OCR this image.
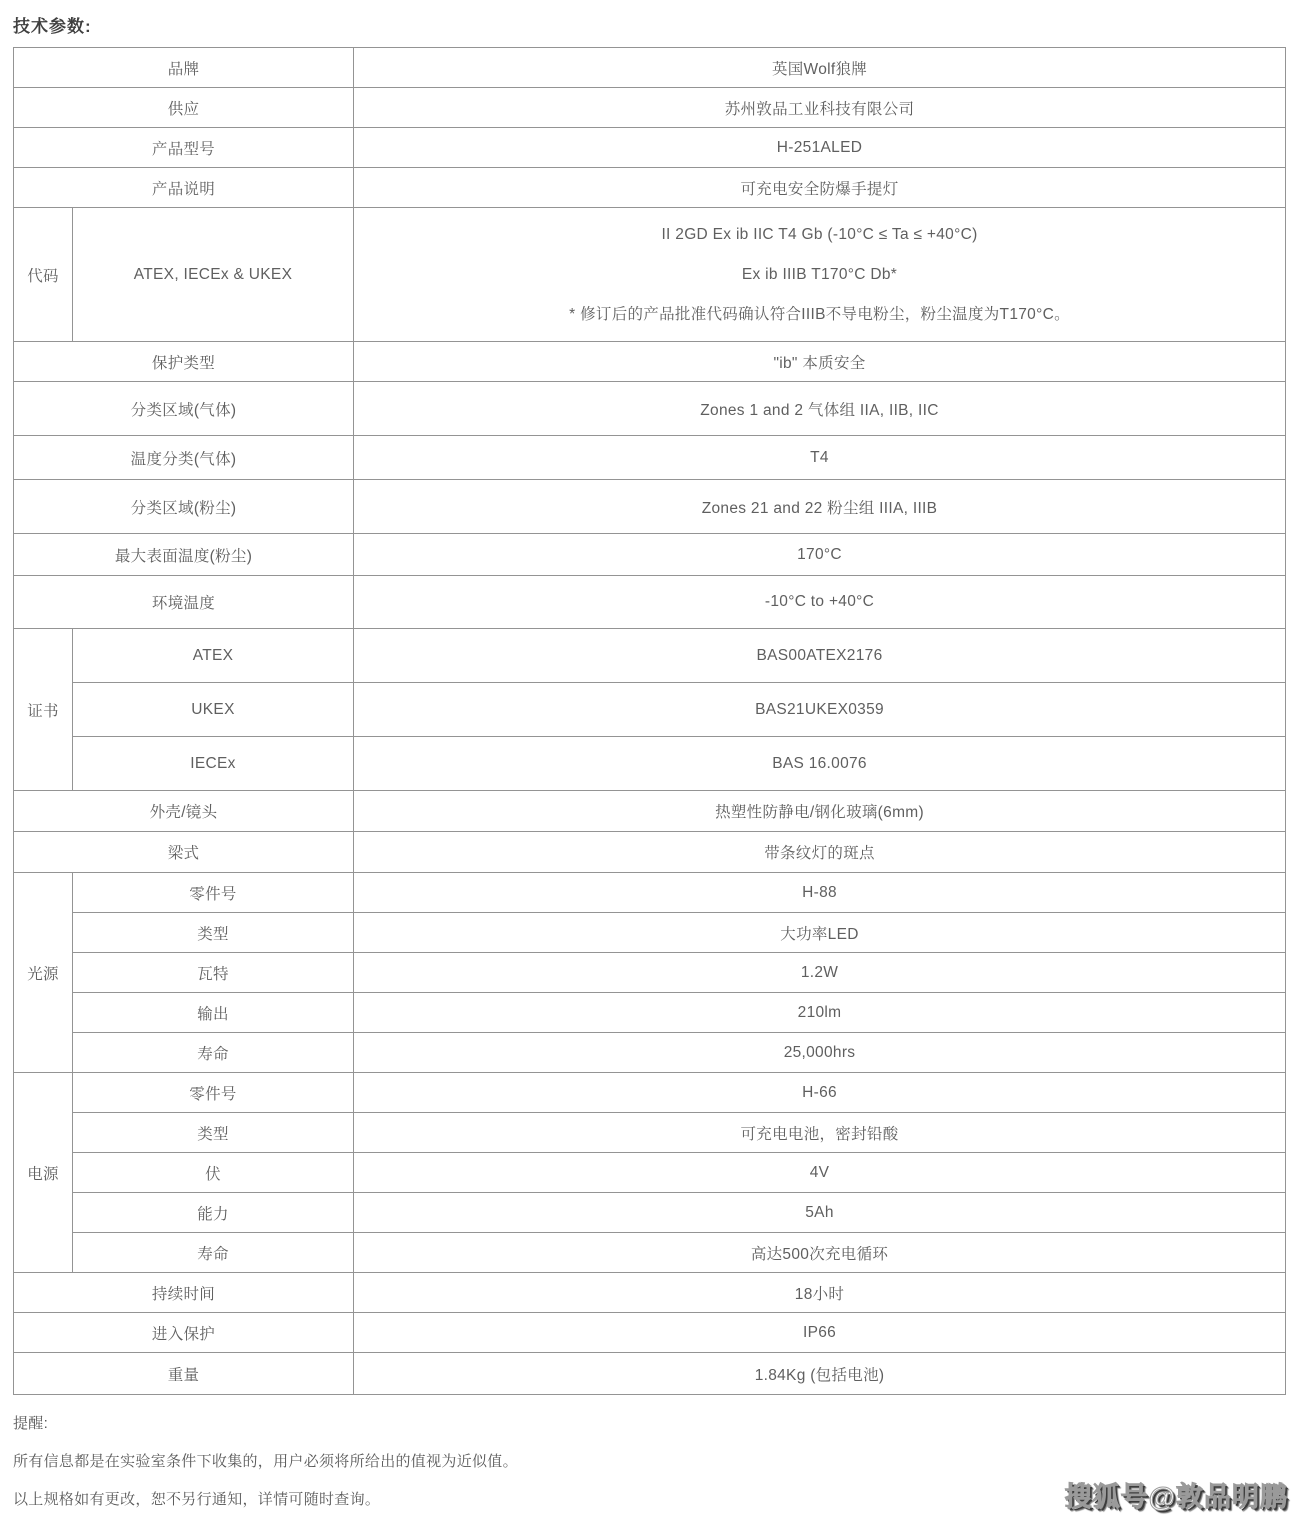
技术参数:
品牌		英国Wolf狼牌
供应		苏州敦品工业科技有限公司
产品型号		H-251ALED
产品说明		可充电安全防爆手提灯
代码	ATEX, IECEx & UKEX	II 2GD Ex ib IIC T4 Gb (-10°C ≤ Ta ≤ +40°C)
Ex ib IIIB T170°C Db*
* 修订后的产品批准代码确认符合IIIB不导电粉尘，粉尘温度为T170°C。

保护类型		"ib" 本质安全
分类区域(气体)		Zones 1 and 2 气体组 IIA, IIB, IIC
温度分类(气体)		T4
分类区域(粉尘)		Zones 21 and 22 粉尘组 IIIA, IIIB
最大表面温度(粉尘)		170°C
环境温度		-10°C to +40°C
证书	ATEX	BAS00ATEX2176
	UKEX	BAS21UKEX0359
	IECEx	BAS 16.0076
外壳/镜头		热塑性防静电/钢化玻璃(6mm)
梁式		带条纹灯的斑点
光源	零件号	H-88
	类型	大功率LED
	瓦特	1.2W
	输出	210lm
	寿命	25,000hrs
电源	零件号	H-66
	类型	可充电电池，密封铅酸
	伏	4V
	能力	5Ah
	寿命	高达500次充电循环
持续时间		18小时
进入保护		IP66
重量		1.84Kg (包括电池)
提醒:
所有信息都是在实验室条件下收集的，用户必须将所给出的值视为近似值。
以上规格如有更改，恕不另行通知，详情可随时查询。	搜狐号@敦品明鹏
